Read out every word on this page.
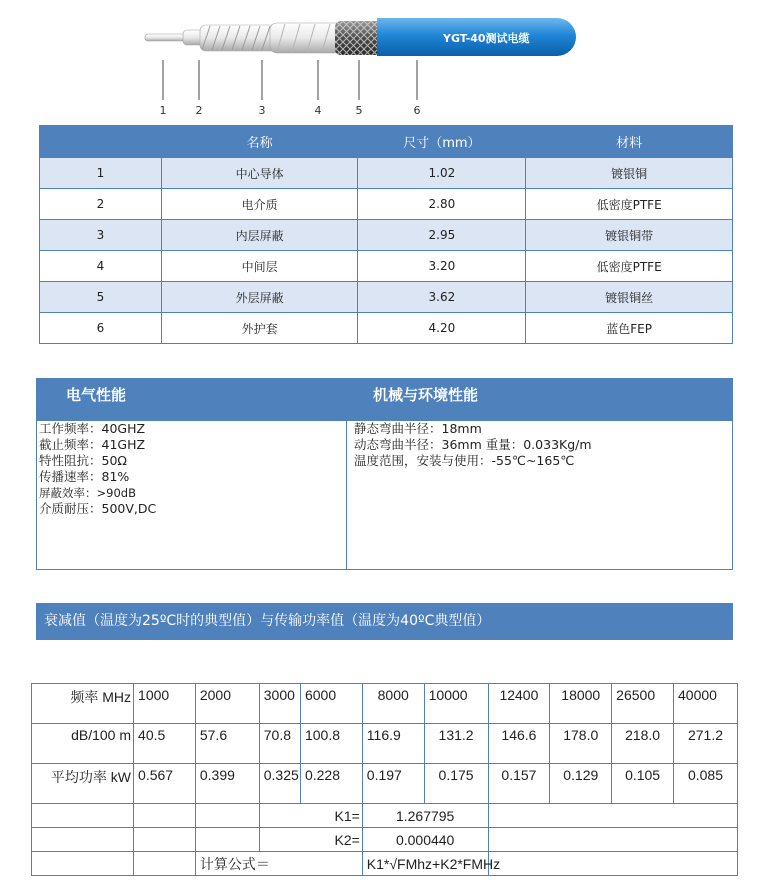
YGT-40测试电缆
1	2	3	4	5	6
	名称	尺寸（mm）	材料
1	中心导体	1.02	镀银铜
2	电介质	2.80	低密度PTFE
3	内层屏蔽	2.95	镀银铜带
4	中间层	3.20	低密度PTFE
5	外层屏蔽	3.62	镀银铜丝
6	外护套	4.20	蓝色FEP
电气性能	机械与环境性能
工作频率：40GHZ
截止频率：41GHZ
特性阻抗：50Ω
传播速率：81%
屏蔽效率：>90dB
介质耐压：500V,DC
静态弯曲半径：18mm
动态弯曲半径：36mm 重量：0.033Kg/m
温度范围，安装与使用：-55℃~165℃
衰减值（温度为25ºC时的典型值）与传输功率值（温度为40ºC典型值）
频率 MHz	1000	2000	3000	6000	8000	10000	12400	18000	26500	40000
dB/100 m	40.5	57.6	70.8	100.8	116.9	131.2	146.6	178.0	218.0	271.2
平均功率 kW	0.567	0.399	0.325	0.228	0.197	0.175	0.157	0.129	0.105	0.085
			K1=		1.267795					
			K2=		0.000440					
		计算公式＝			K1*√FMhz+K2*FMHz					
